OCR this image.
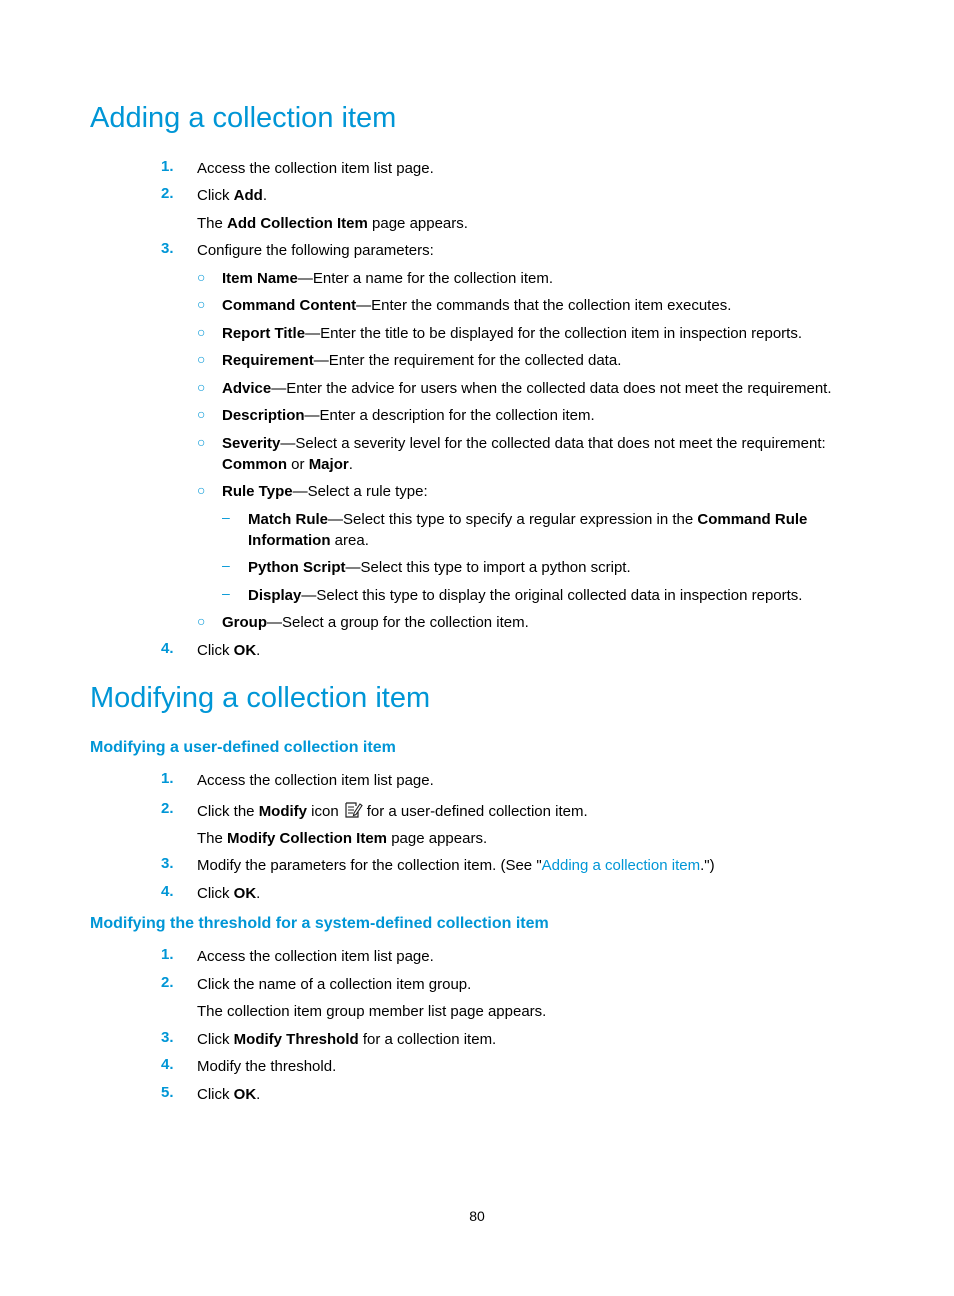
Adding a collection item
1. Access the collection item list page.
2. Click Add.
The Add Collection Item page appears.
3. Configure the following parameters:
○ Item Name—Enter a name for the collection item.
○ Command Content—Enter the commands that the collection item executes.
○ Report Title—Enter the title to be displayed for the collection item in inspection reports.
○ Requirement—Enter the requirement for the collected data.
○ Advice—Enter the advice for users when the collected data does not meet the requirement.
○ Description—Enter a description for the collection item.
○ Severity—Select a severity level for the collected data that does not meet the requirement:
Common or Major.
○ Rule Type—Select a rule type:
– Match Rule—Select this type to specify a regular expression in the Command Rule
Information area.
– Python Script—Select this type to import a python script.
– Display—Select this type to display the original collected data in inspection reports.
○ Group—Select a group for the collection item.
4. Click OK.
Modifying a collection item
Modifying a user-defined collection item
1. Access the collection item list page.
2. Click the Modify icon for a user-defined collection item.
The Modify Collection Item page appears.
3. Modify the parameters for the collection item. (See "Adding a collection item.")
4. Click OK.
Modifying the threshold for a system-defined collection item
1. Access the collection item list page.
2. Click the name of a collection item group.
The collection item group member list page appears.
3. Click Modify Threshold for a collection item.
4. Modify the threshold.
5. Click OK.
80
